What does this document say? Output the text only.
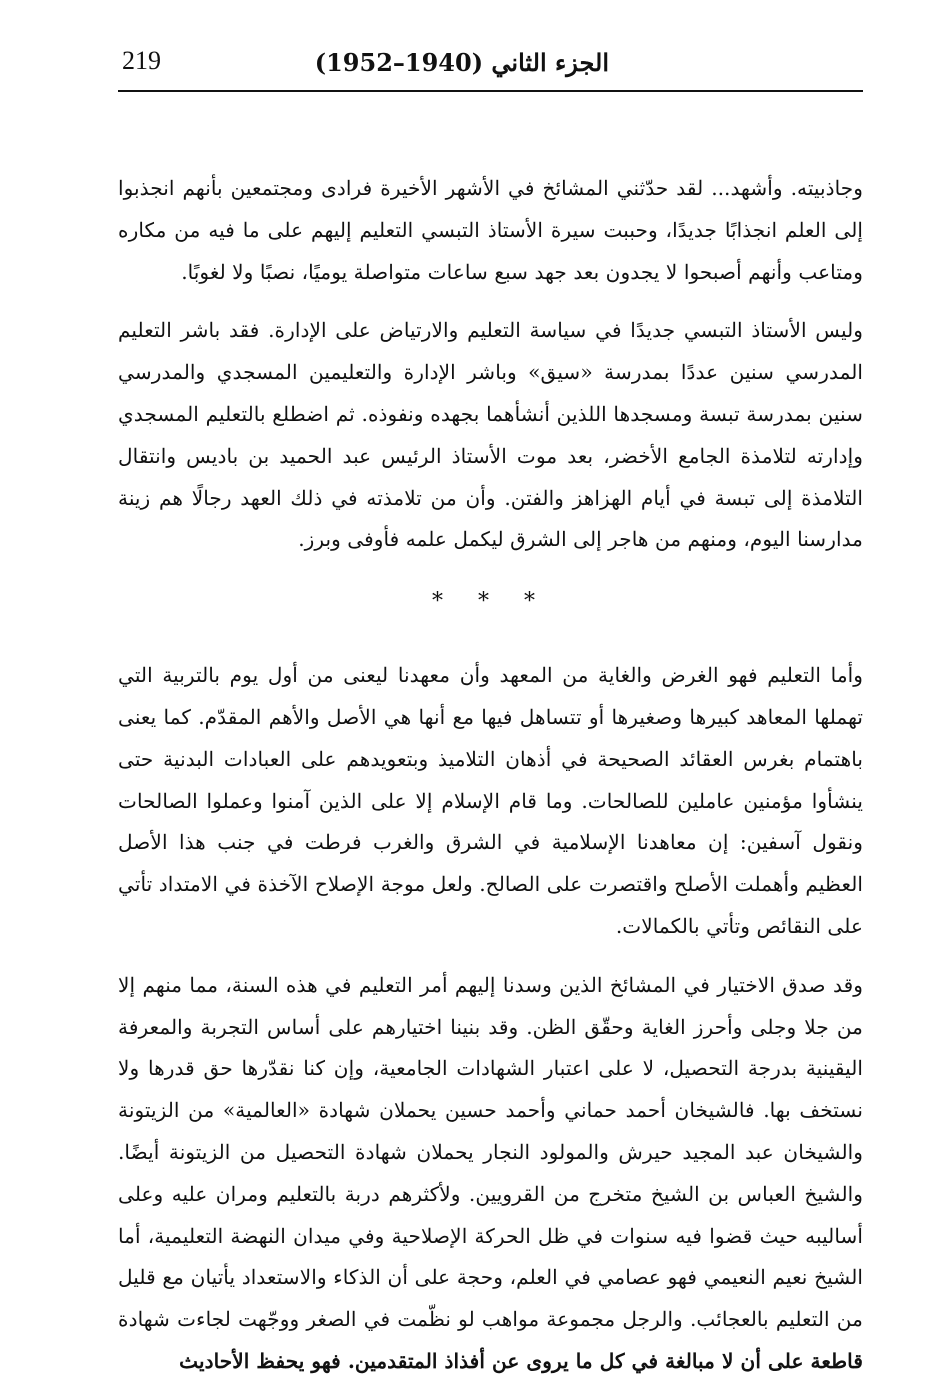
219	الجزء الثاني (1940–1952)

وجاذبيته. وأشهد... لقد حدّثني المشائخ في الأشهر الأخيرة فرادى ومجتمعين بأنهم انجذبوا إلى العلم انجذابًا جديدًا، وحببت سيرة الأستاذ التبسي التعليم إليهم على ما فيه من مكاره ومتاعب وأنهم أصبحوا لا يجدون بعد جهد سبع ساعات متواصلة يوميًا، نصبًا ولا لغوبًا.

وليس الأستاذ التبسي جديدًا في سياسة التعليم والارتياض على الإدارة. فقد باشر التعليم المدرسي سنين عددًا بمدرسة «سيق» وباشر الإدارة والتعليمين المسجدي والمدرسي سنين بمدرسة تبسة ومسجدها اللذين أنشأهما بجهده ونفوذه. ثم اضطلع بالتعليم المسجدي وإدارته لتلامذة الجامع الأخضر، بعد موت الأستاذ الرئيس عبد الحميد بن باديس وانتقال التلامذة إلى تبسة في أيام الهزاهز والفتن. وأن من تلامذته في ذلك العهد رجالًا هم زينة مدارسنا اليوم، ومنهم من هاجر إلى الشرق ليكمل علمه فأوفى وبرز.

* * *

وأما التعليم فهو الغرض والغاية من المعهد وأن معهدنا ليعنى من أول يوم بالتربية التي تهملها المعاهد كبيرها وصغيرها أو تتساهل فيها مع أنها هي الأصل والأهم المقدّم. كما يعنى باهتمام بغرس العقائد الصحيحة في أذهان التلاميذ وبتعويدهم على العبادات البدنية حتى ينشأوا مؤمنين عاملين للصالحات. وما قام الإسلام إلا على الذين آمنوا وعملوا الصالحات ونقول آسفين: إن معاهدنا الإسلامية في الشرق والغرب فرطت في جنب هذا الأصل العظيم وأهملت الأصلح واقتصرت على الصالح. ولعل موجة الإصلاح الآخذة في الامتداد تأتي على النقائص وتأتي بالكمالات.

وقد صدق الاختيار في المشائخ الذين وسدنا إليهم أمر التعليم في هذه السنة، مما منهم إلا من جلا وجلى وأحرز الغاية وحقّق الظن. وقد بنينا اختيارهم على أساس التجربة والمعرفة اليقينية بدرجة التحصيل، لا على اعتبار الشهادات الجامعية، وإن كنا نقدّرها حق قدرها ولا نستخف بها. فالشيخان أحمد حماني وأحمد حسين يحملان شهادة «العالمية» من الزيتونة والشيخان عبد المجيد حيرش والمولود النجار يحملان شهادة التحصيل من الزيتونة أيضًا. والشيخ العباس بن الشيخ متخرج من القرويين. ولأكثرهم دربة بالتعليم ومران عليه وعلى أساليبه حيث قضوا فيه سنوات في ظل الحركة الإصلاحية وفي ميدان النهضة التعليمية، أما الشيخ نعيم النعيمي فهو عصامي في العلم، وحجة على أن الذكاء والاستعداد يأتيان مع قليل من التعليم بالعجائب. والرجل مجموعة مواهب لو نظّمت في الصغر ووجّهت لجاءت شهادة قاطعة على أن لا مبالغة في كل ما يروى عن أفذاذ المتقدمين. فهو يحفظ الأحاديث
